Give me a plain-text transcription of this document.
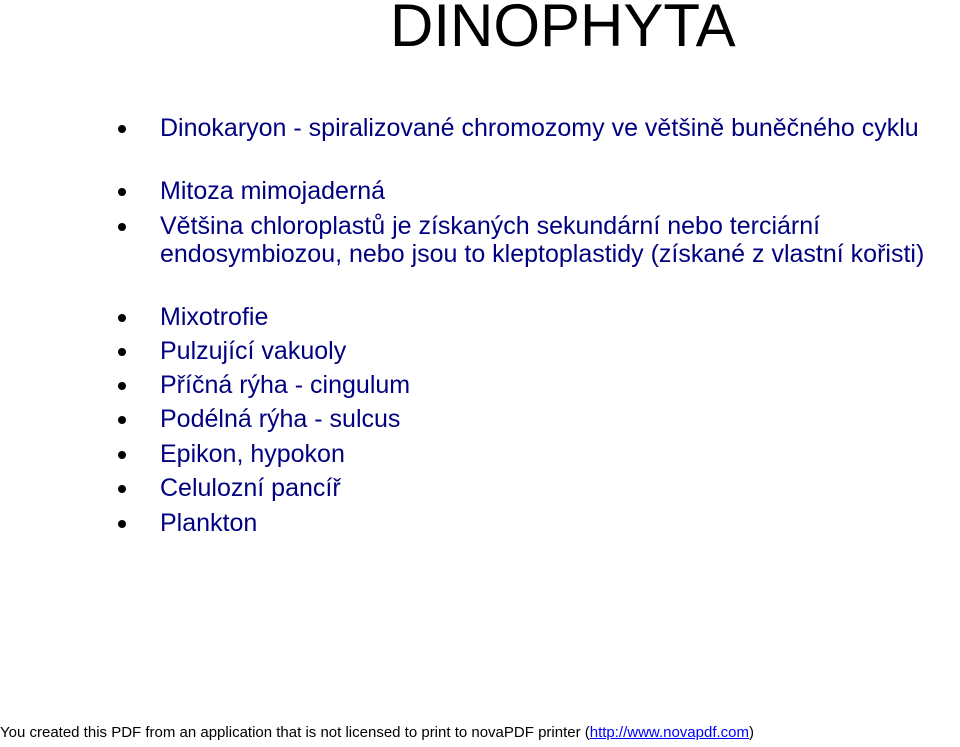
DINOPHYTA
Dinokaryon - spiralizované chromozomy ve většině buněčného cyklu
Mitoza mimojaderná
Většina chloroplastů je získaných sekundární nebo terciární endosymbiozou, nebo jsou to kleptoplastidy (získané z vlastní kořisti)
Mixotrofie
Pulzující vakuoly
Příčná rýha - cingulum
Podélná rýha - sulcus
Epikon, hypokon
Celulozní pancíř
Plankton
You created this PDF from an application that is not licensed to print to novaPDF printer (http://www.novapdf.com)
